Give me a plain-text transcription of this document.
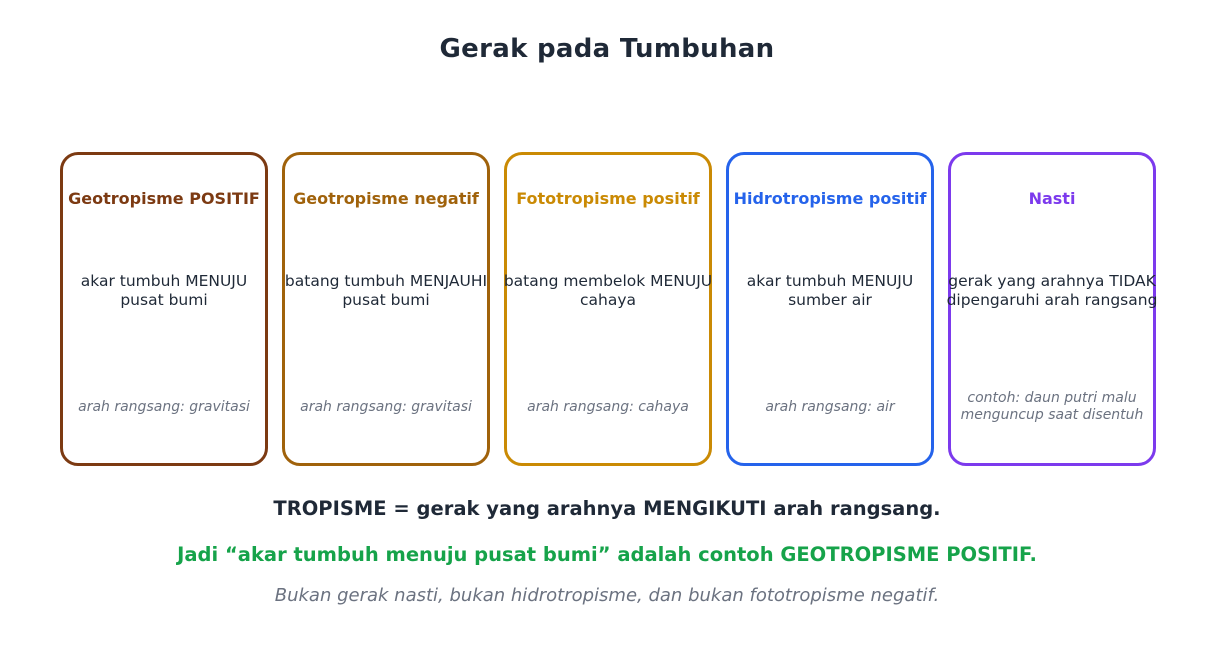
Gerak pada Tumbuhan
Geotropisme POSITIF
akar tumbuh MENUJU pusat bumi
arah rangsang: gravitasi
Geotropisme negatif
batang tumbuh MENJAUHI pusat bumi
arah rangsang: gravitasi
Fototropisme positif
batang membelok MENUJU cahaya
arah rangsang: cahaya
Hidrotropisme positif
akar tumbuh MENUJU sumber air
arah rangsang: air
Nasti
gerak yang arahnya TIDAK dipengaruhi arah rangsang
contoh: daun putri malu menguncup saat disentuh
TROPISME = gerak yang arahnya MENGIKUTI arah rangsang.
Jadi “akar tumbuh menuju pusat bumi” adalah contoh GEOTROPISME POSITIF.
Bukan gerak nasti, bukan hidrotropisme, dan bukan fototropisme negatif.
